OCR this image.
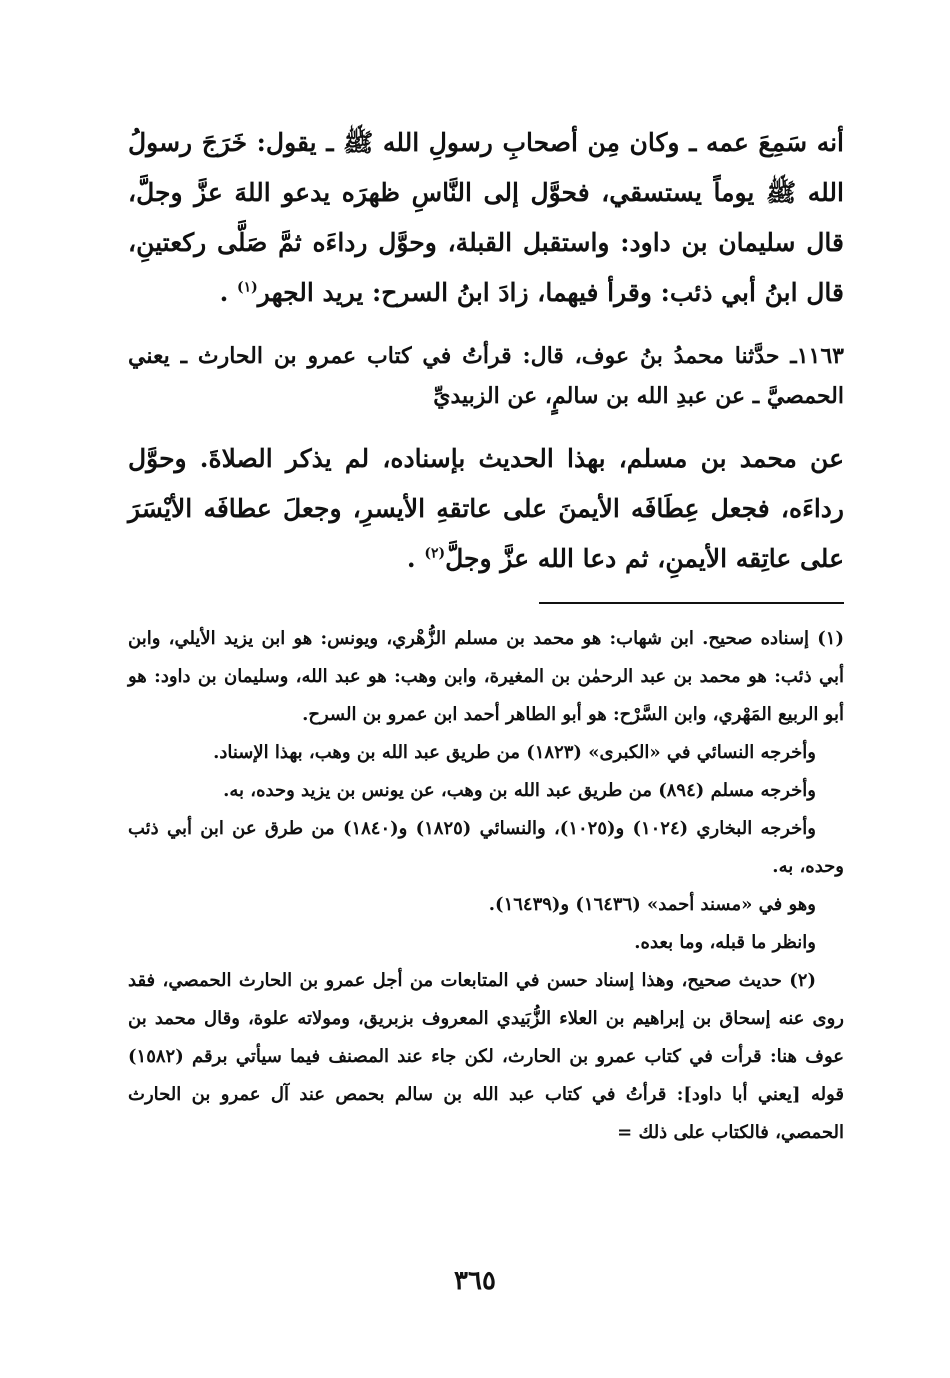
أنه سَمِعَ عمه ـ وكان مِن أصحابِ رسولِ الله ﷺ ـ يقول: خَرَجَ رسولُ الله ﷺ يوماً يستسقي، فحوَّل إلى النَّاسِ ظهرَه يدعو اللهَ عزَّ وجلَّ، قال سليمان بن داود: واستقبل القبلة، وحوَّل رداءَه ثمَّ صَلَّى ركعتينِ، قال ابنُ أبي ذئب: وقرأ فيهما، زادَ ابنُ السرح: يريد الجهر$^{(١)}$ .

١١٦٣ـ حدَّثنا محمدُ بنُ عوف، قال: قرأتُ في كتاب عمرو بن الحارث ـ يعني الحمصيَّ ـ عن عبدِ الله بن سالمٍ، عن الزبيديِّ

عن محمد بن مسلم، بهذا الحديث بإسناده، لم يذكر الصلاةَ. وحوَّل رداءَه، فجعل عِطَافَه الأيمنَ على عاتقهِ الأيسرِ، وجعلَ عطافَه الأيْسَرَ على عاتِقه الأيمنِ، ثم دعا الله عزَّ وجلَّ$^{(٢)}$ .

(١) إسناده صحيح. ابن شهاب: هو محمد بن مسلم الزُّهْري، ويونس: هو ابن يزيد الأيلي، وابن أبي ذئب: هو محمد بن عبد الرحمٰن بن المغيرة، وابن وهب: هو عبد الله، وسليمان بن داود: هو أبو الربيع المَهْري، وابن السَّرْح: هو أبو الطاهر أحمد ابن عمرو بن السرح.

وأخرجه النسائي في «الكبرى» (١٨٢٣) من طريق عبد الله بن وهب، بهذا الإسناد.

وأخرجه مسلم (٨٩٤) من طريق عبد الله بن وهب، عن يونس بن يزيد وحده، به.

وأخرجه البخاري (١٠٢٤) و(١٠٢٥)، والنسائي (١٨٢٥) و(١٨٤٠) من طرق عن ابن أبي ذئب وحده، به.

وهو في «مسند أحمد» (١٦٤٣٦) و(١٦٤٣٩).

وانظر ما قبله، وما بعده.

(٢) حديث صحيح، وهذا إسناد حسن في المتابعات من أجل عمرو بن الحارث الحمصي، فقد روى عنه إسحاق بن إبراهيم بن العلاء الزُّبَيدي المعروف بزبريق، ومولاته علوة، وقال محمد بن عوف هنا: قرأت في كتاب عمرو بن الحارث، لكن جاء عند المصنف فيما سيأتي برقم (١٥٨٢) قوله [يعني أبا داود]: قرأتُ في كتاب عبد الله بن سالم بحمص عند آل عمرو بن الحارث الحمصي، فالكتاب على ذلك =

٣٦٥
